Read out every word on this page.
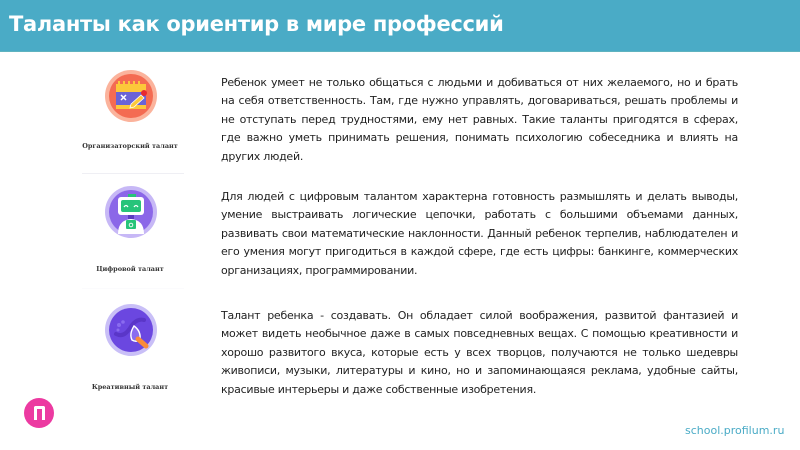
Таланты как ориентир в мире профессий
Организаторский талант
Ребенок умеет не только общаться с людьми и добиваться от них желаемого, но и брать на себя ответственность. Там, где нужно управлять, договариваться, решать проблемы и не отступать перед трудностями, ему нет равных. Такие таланты пригодятся в сферах, где важно уметь принимать решения, понимать психологию собеседника и влиять на других людей.
Цифровой талант
Для людей с цифровым талантом характерна готовность размышлять и делать выводы, умение выстраивать логические цепочки, работать с большими объемами данных, развивать свои математические наклонности. Данный ребенок терпелив, наблюдателен и его умения могут пригодиться в каждой сфере, где есть цифры: банкинге, коммерческих организациях, программировании.
Креативный талант
Талант ребенка - создавать. Он обладает силой воображения, развитой фантазией и может видеть необычное даже в самых повседневных вещах. С помощью креативности и хорошо развитого вкуса, которые есть у всех творцов, получаются не только шедевры живописи, музыки, литературы и кино, но и запоминающаяся реклама, удобные сайты, красивые интерьеры и даже собственные изобретения.
school.profilum.ru
